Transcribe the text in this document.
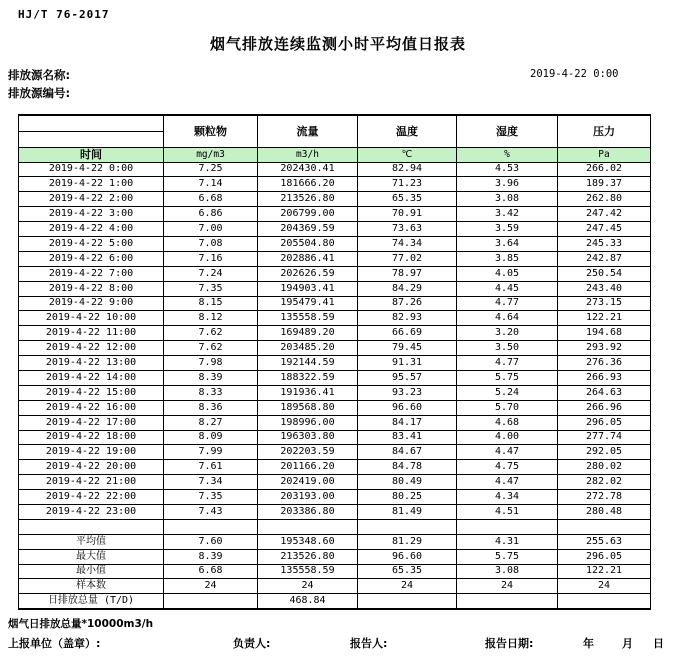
HJ/T 76-2017
烟气排放连续监测小时平均值日报表
排放源名称:
排放源编号:
2019-4-22 0:00
	颗粒物	流量	温度	湿度	压力

时间	mg/m3	m3/h	℃	%	Pa
2019-4-22 0:00	7.25	202430.41	82.94	4.53	266.02
2019-4-22 1:00	7.14	181666.20	71.23	3.96	189.37
2019-4-22 2:00	6.68	213526.80	65.35	3.08	262.80
2019-4-22 3:00	6.86	206799.00	70.91	3.42	247.42
2019-4-22 4:00	7.00	204369.59	73.63	3.59	247.45
2019-4-22 5:00	7.08	205504.80	74.34	3.64	245.33
2019-4-22 6:00	7.16	202886.41	77.02	3.85	242.87
2019-4-22 7:00	7.24	202626.59	78.97	4.05	250.54
2019-4-22 8:00	7.35	194903.41	84.29	4.45	243.40
2019-4-22 9:00	8.15	195479.41	87.26	4.77	273.15
2019-4-22 10:00	8.12	135558.59	82.93	4.64	122.21
2019-4-22 11:00	7.62	169489.20	66.69	3.20	194.68
2019-4-22 12:00	7.62	203485.20	79.45	3.50	293.92
2019-4-22 13:00	7.98	192144.59	91.31	4.77	276.36
2019-4-22 14:00	8.39	188322.59	95.57	5.75	266.93
2019-4-22 15:00	8.33	191936.41	93.23	5.24	264.63
2019-4-22 16:00	8.36	189568.80	96.60	5.70	266.96
2019-4-22 17:00	8.27	198996.00	84.17	4.68	296.05
2019-4-22 18:00	8.09	196303.80	83.41	4.00	277.74
2019-4-22 19:00	7.99	202203.59	84.67	4.47	292.05
2019-4-22 20:00	7.61	201166.20	84.78	4.75	280.02
2019-4-22 21:00	7.34	202419.00	80.49	4.47	282.02
2019-4-22 22:00	7.35	203193.00	80.25	4.34	272.78
2019-4-22 23:00	7.43	203386.80	81.49	4.51	280.48

平均值	7.60	195348.60	81.29	4.31	255.63
最大值	8.39	213526.80	96.60	5.75	296.05
最小值	6.68	135558.59	65.35	3.08	122.21
样本数	24	24	24	24	24
日排放总量 (T/D)		468.84			
烟气日排放总量*10000m3/h
上报单位（盖章）:	负责人:	报告人:	报告日期:	年	月 日
